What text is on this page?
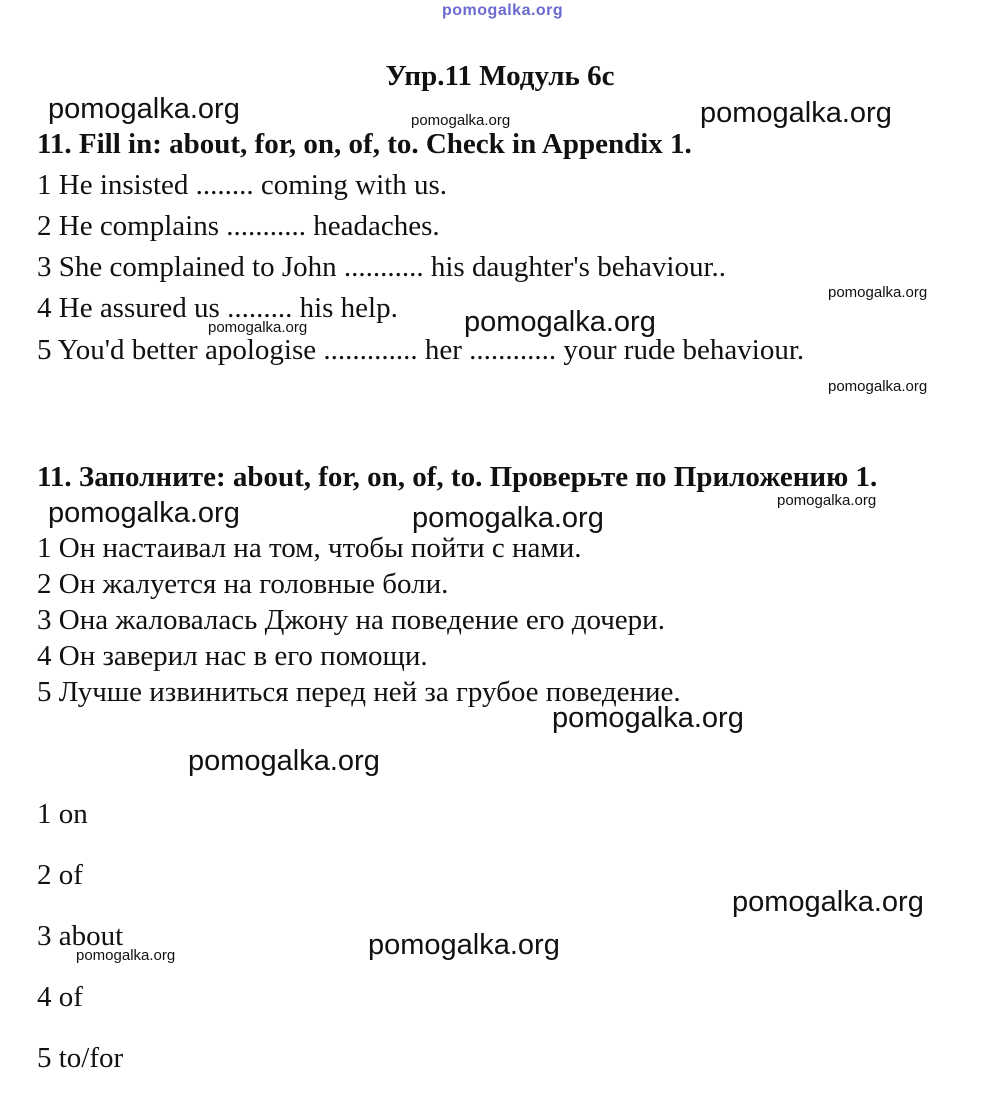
pomogalka.org
Упр.11 Модуль 6с
11. Fill in: about, for, on, of, to. Check in Appendix 1.
1 He insisted ........ coming with us.
2 He complains ........... headaches.
3 She complained to John ........... his daughter's behaviour..
4 He assured us ......... his help.
5 You'd better apologise ............. her ............ your rude behaviour.
11. Заполните: about, for, on, of, to. Проверьте по Приложению 1.
1 Он настаивал на том, чтобы пойти с нами.
2 Он жалуется на головные боли.
3 Она жаловалась Джону на поведение его дочери.
4 Он заверил нас в его помощи.
5 Лучше извиниться перед ней за грубое поведение.
1 on
2 of
3 about
4 of
5 to/for
pomogalka.org	pomogalka.org	pomogalka.org
pomogalka.org
pomogalka.org	pomogalka.org
pomogalka.org
pomogalka.org
pomogalka.org	pomogalka.org
pomogalka.org
pomogalka.org
pomogalka.org
pomogalka.org
pomogalka.org
